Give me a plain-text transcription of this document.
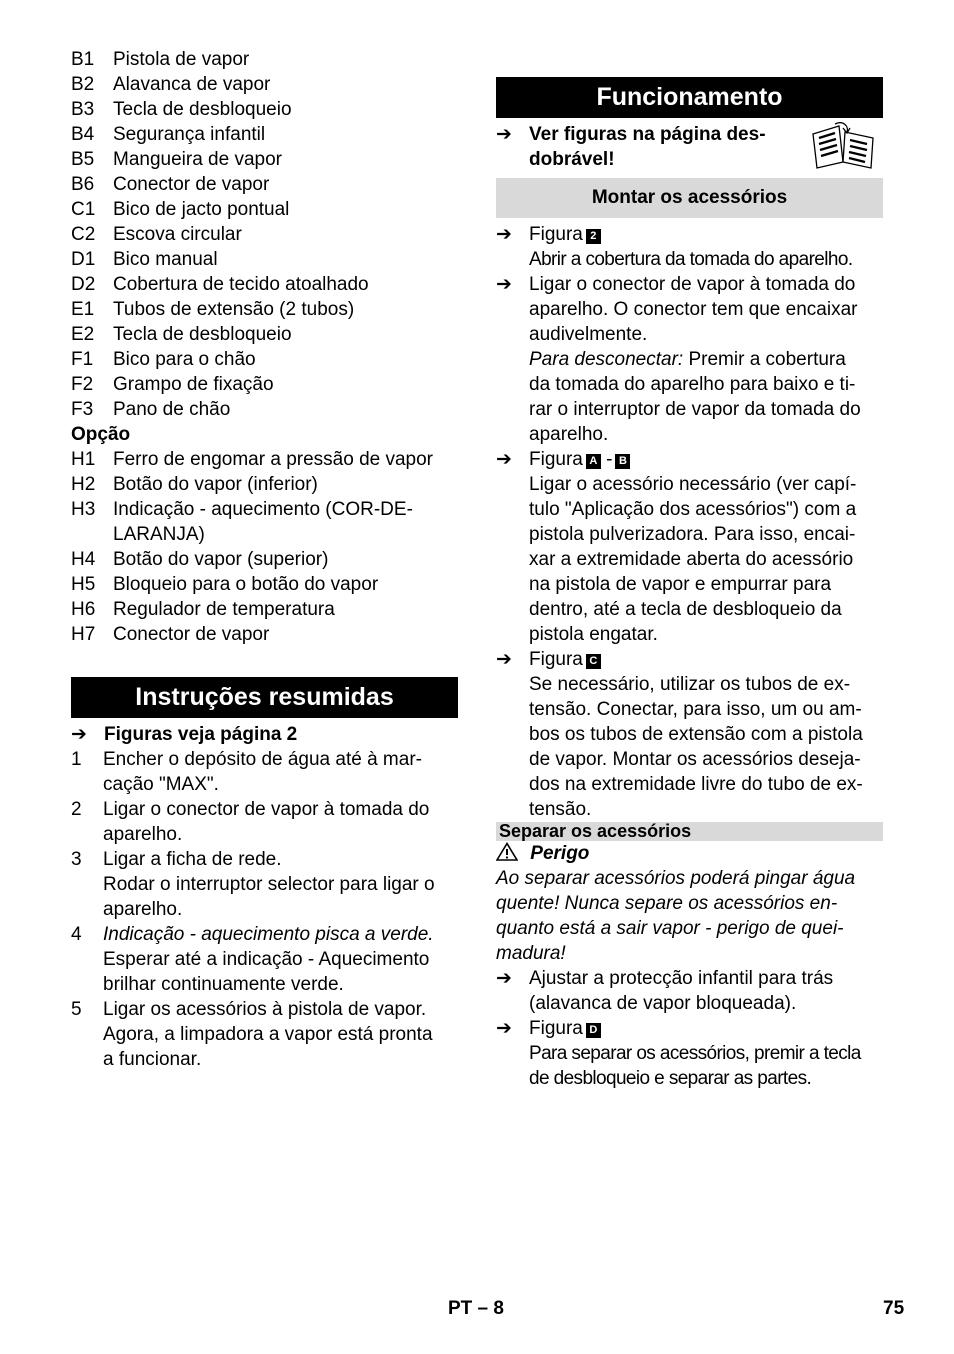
B1 Pistola de vapor
B2 Alavanca de vapor
B3 Tecla de desbloqueio
B4 Segurança infantil
B5 Mangueira de vapor
B6 Conector de vapor
C1 Bico de jacto pontual
C2 Escova circular
D1 Bico manual
D2 Cobertura de tecido atoalhado
E1 Tubos de extensão (2 tubos)
E2 Tecla de desbloqueio
F1	Bico para o chão
F2	Grampo de fixação
F3	Pano de chão
Opção
H1 Ferro de engomar a pressão de vapor
H2 Botão do vapor (inferior)
H3 Indicação - aquecimento (COR-DE-
LARANJA)
H4 Botão do vapor (superior)
H5 Bloqueio para o botão do vapor
H6 Regulador de temperatura
H7 Conector de vapor
Instruções resumidas
➔ Figuras veja página 2
1	Encher o depósito de água até à mar-
cação "MAX".
2	Ligar o conector de vapor à tomada do
aparelho.
3	Ligar a ficha de rede.
Rodar o interruptor selector para ligar o
aparelho.
4	Indicação - aquecimento pisca a verde.
Esperar até a indicação - Aquecimento
brilhar continuamente verde.
5	Ligar os acessórios à pistola de vapor.
Agora, a limpadora a vapor está pronta
a funcionar.
Funcionamento
➔ Ver figuras na página des-
dobrável!
Montar os acessórios
➔ Figura 2
Abrir a cobertura da tomada do aparelho.
➔ Ligar o conector de vapor à tomada do
aparelho. O conector tem que encaixar
audivelmente.
Para desconectar: Premir a cobertura
da tomada do aparelho para baixo e ti-
rar o interruptor de vapor da tomada do
aparelho.
➔ Figura A - B
Ligar o acessório necessário (ver capí-
tulo "Aplicação dos acessórios") com a
pistola pulverizadora. Para isso, encai-
xar a extremidade aberta do acessório
na pistola de vapor e empurrar para
dentro, até a tecla de desbloqueio da
pistola engatar.
➔ Figura C
Se necessário, utilizar os tubos de ex-
tensão. Conectar, para isso, um ou am-
bos os tubos de extensão com a pistola
de vapor. Montar os acessórios deseja-
dos na extremidade livre do tubo de ex-
tensão.
Separar os acessórios
Perigo
Ao separar acessórios poderá pingar água
quente! Nunca separe os acessórios en-
quanto está a sair vapor - perigo de quei-
madura!
➔ Ajustar a protecção infantil para trás
(alavanca de vapor bloqueada).
➔ Figura D
Para separar os acessórios, premir a tecla
de desbloqueio e separar as partes.
PT – 8	75
